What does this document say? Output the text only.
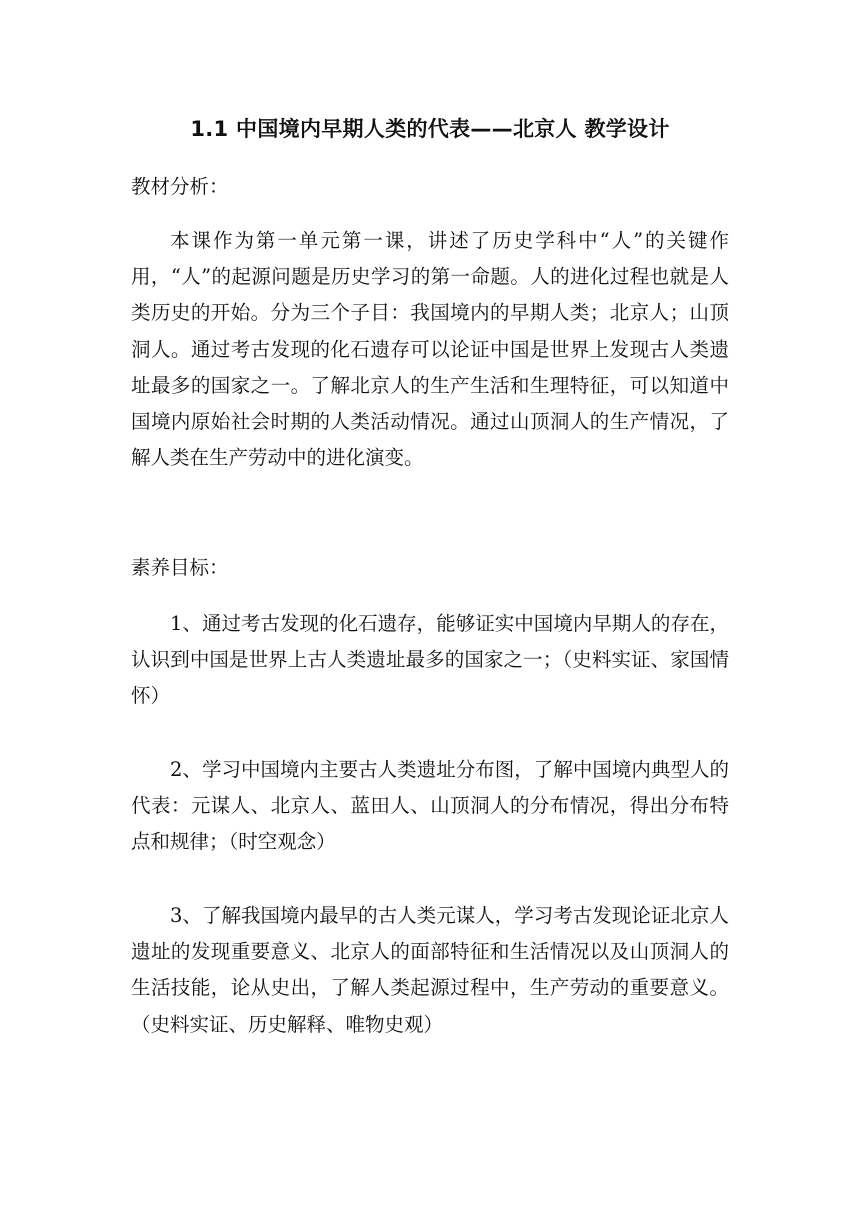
1.1 中国境内早期人类的代表——北京人 教学设计
教材分析：

本课作为第一单元第一课，讲述了历史学科中“人”的关键作用，“人”的起源问题是历史学习的第一命题。人的进化过程也就是人类历史的开始。分为三个子目：我国境内的早期人类；北京人；山顶洞人。通过考古发现的化石遗存可以论证中国是世界上发现古人类遗址最多的国家之一。了解北京人的生产生活和生理特征，可以知道中国境内原始社会时期的人类活动情况。通过山顶洞人的生产情况，了解人类在生产劳动中的进化演变。

素养目标：

1、通过考古发现的化石遗存，能够证实中国境内早期人的存在，认识到中国是世界上古人类遗址最多的国家之一；（史料实证、家国情怀）

2、学习中国境内主要古人类遗址分布图，了解中国境内典型人的代表：元谋人、北京人、蓝田人、山顶洞人的分布情况，得出分布特点和规律；（时空观念）

3、了解我国境内最早的古人类元谋人，学习考古发现论证北京人遗址的发现重要意义、北京人的面部特征和生活情况以及山顶洞人的生活技能，论从史出，了解人类起源过程中，生产劳动的重要意义。（史料实证、历史解释、唯物史观）
